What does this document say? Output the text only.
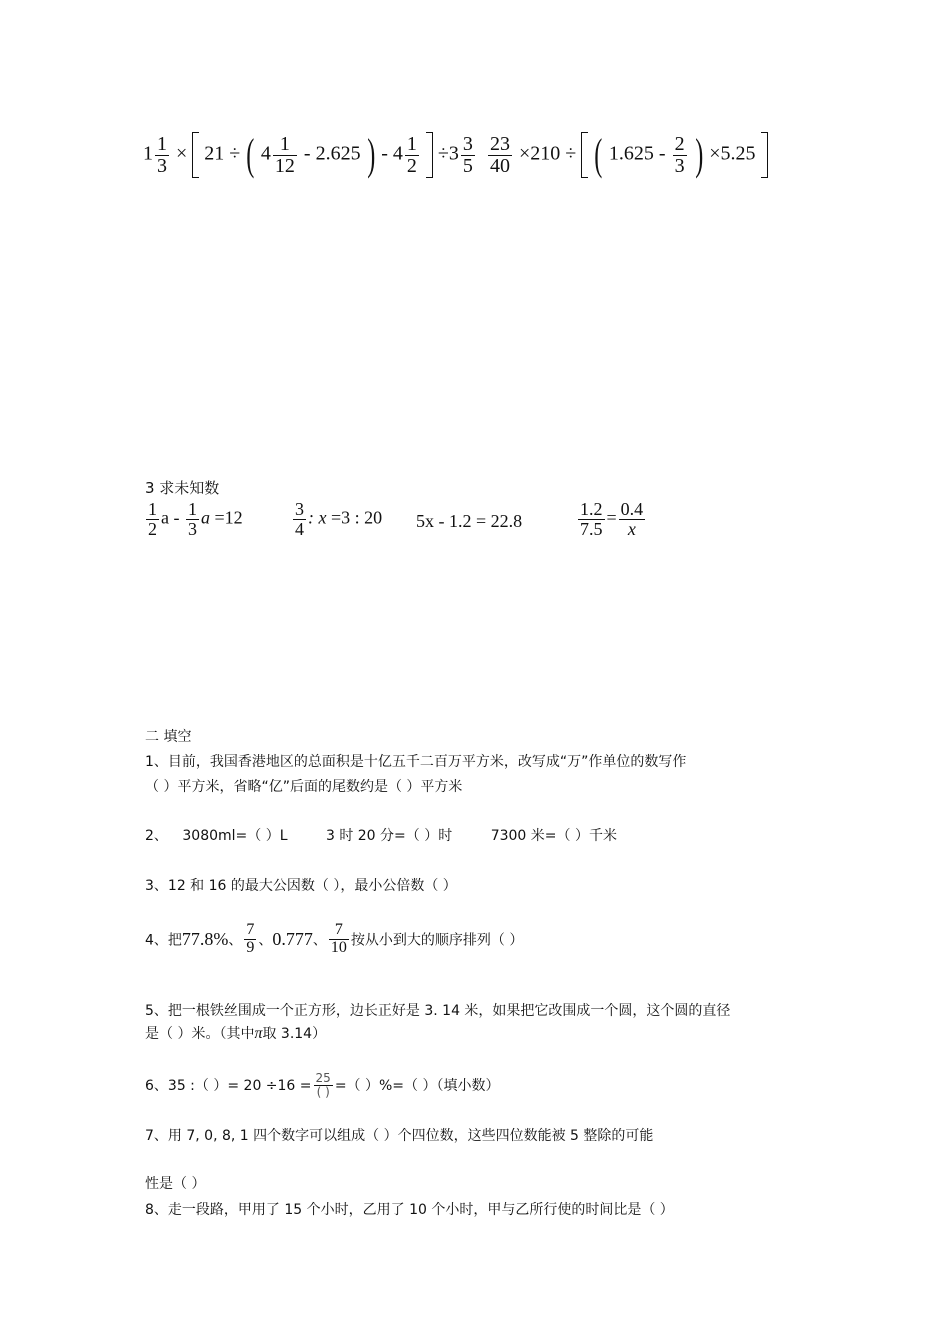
$1 \frac{1}{3} \times 21$ ÷ ( $4 \frac{1}{12} - 2.625$ ) - $4 \frac{1}{2} \div 3 \frac{3}{5} \frac{23}{40} \times 210$ ÷ ( $1.625 - \frac{2}{3}$ ) ×5.25
3 求未知数
$\frac{1}{2}$ a - $\frac{1}{3}$ a =12	$\frac{3}{4}$ : x =3 : 20 5x - 1.2 = 22.8	$\frac{1.2}{7.5} = \frac{0.4}{x}$
二 填空
1、目前，我国香港地区的总面积是十亿五千二百万平方米，改写成“万”作单位的数写作
（ ）平方米，省略“亿”后面的尾数约是（ ）平方米
2、 3080ml=（ ）L	3 时 20 分=（ ）时	7300 米=（ ）千米
3、12 和 16 的最大公因数（ ），最小公倍数（ ）
4、把77.8%、 $\frac{7}{9}$ 、0.777、 $\frac{7}{10}$ 按从小到大的顺序排列（ ）
5、把一根铁丝围成一个正方形，边长正好是 3. 14 米，如果把它改围成一个圆，这个圆的直径
是（ ）米。（其中π取 3.14）
6、35 :（ ）= $20 \div 16 = \frac{25}{( )}$ =（ ）%=（ ）（填小数）
7、用 7, 0, 8, 1 四个数字可以组成（ ）个四位数，这些四位数能被 5 整除的可能
性是（ ）
8、走一段路，甲用了 15 个小时，乙用了 10 个小时，甲与乙所行使的时间比是（ ）
